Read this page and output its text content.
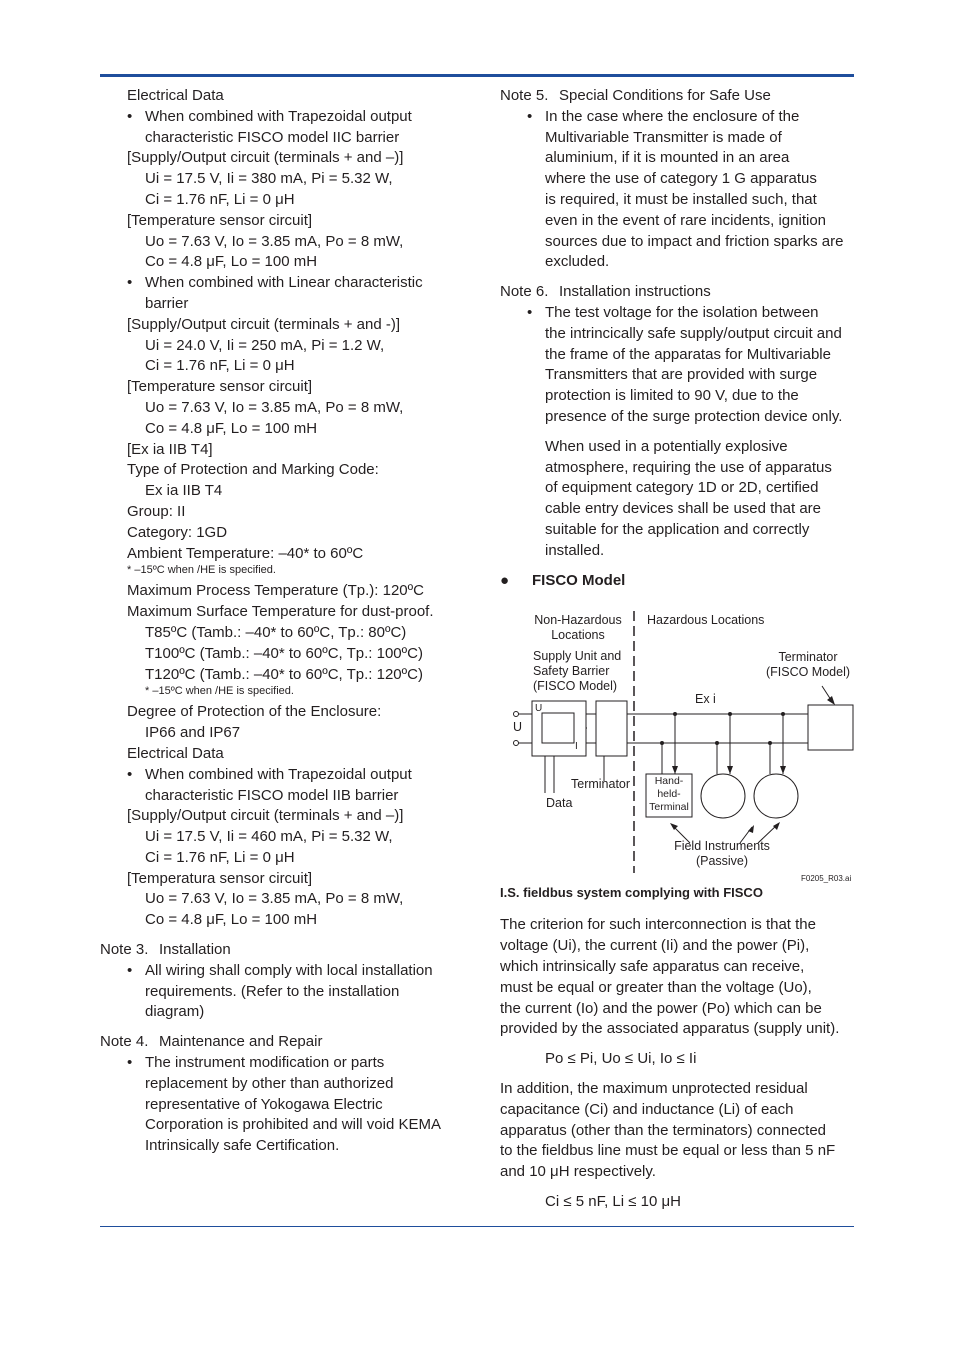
Electrical Data
• When combined with Trapezoidal output
characteristic FISCO model IIC barrier
[Supply/Output circuit (terminals + and –)]
Ui = 17.5 V, Ii = 380 mA, Pi = 5.32 W,
Ci = 1.76 nF, Li = 0 μH
[Temperature sensor circuit]
Uo = 7.63 V, Io = 3.85 mA, Po = 8 mW,
Co = 4.8 μF, Lo = 100 mH
• When combined with Linear characteristic
barrier
[Supply/Output circuit (terminals + and -)]
Ui = 24.0 V, Ii = 250 mA, Pi = 1.2 W,
Ci = 1.76 nF, Li = 0 μH
[Temperature sensor circuit]
Uo = 7.63 V, Io = 3.85 mA, Po = 8 mW,
Co = 4.8 μF, Lo = 100 mH
[Ex ia IIB T4]
Type of Protection and Marking Code:
Ex ia IIB T4
Group: II
Category: 1GD
Ambient Temperature: –40* to 60ºC
* –15ºC when /HE is specified.
Maximum Process Temperature (Tp.): 120ºC
Maximum Surface Temperature for dust-proof.
T85ºC (Tamb.: –40* to 60ºC, Tp.: 80ºC)
T100ºC (Tamb.: –40* to 60ºC, Tp.: 100ºC)
T120ºC (Tamb.: –40* to 60ºC, Tp.: 120ºC)
* –15ºC when /HE is specified.
Degree of Protection of the Enclosure:
IP66 and IP67
Electrical Data
• When combined with Trapezoidal output
characteristic FISCO model IIB barrier
[Supply/Output circuit (terminals + and –)]
Ui = 17.5 V, Ii = 460 mA, Pi = 5.32 W,
Ci = 1.76 nF, Li = 0 μH
[Temperatura sensor circuit]
Uo = 7.63 V, Io = 3.85 mA, Po = 8 mW,
Co = 4.8 μF, Lo = 100 mH
Note 3. Installation
• All wiring shall comply with local installation
requirements. (Refer to the installation
diagram)
Note 4. Maintenance and Repair
• The instrument modification or parts
replacement by other than authorized
representative of Yokogawa Electric
Corporation is prohibited and will void KEMA
Intrinsically safe Certification.
Note 5. Special Conditions for Safe Use
• In the case where the enclosure of the
Multivariable Transmitter is made of
aluminium, if it is mounted in an area
where the use of category 1 G apparatus
is required, it must be installed such, that
even in the event of rare incidents, ignition
sources due to impact and friction sparks are
excluded.
Note 6. Installation instructions
• The test voltage for the isolation between
the intrincically safe supply/output circuit and
the frame of the apparatas for Multivariable
Transmitters that are provided with surge
protection is limited to 90 V, due to the
presence of the surge protection device only.
When used in a potentially explosive
atmosphere, requiring the use of apparatus
of equipment category 1D or 2D, certified
cable entry devices shall be used that are
suitable for the application and correctly
installed.
● FISCO Model
Non-Hazardous
Locations
Hazardous Locations
Supply Unit and
Safety Barrier
(FISCO Model)
Terminator
(FISCO Model)
Ex i
U
U
I
Terminator
Data
Hand-
held-
Terminal
Field Instruments
(Passive)
F0205_R03.ai
I.S. fieldbus system complying with FISCO
The criterion for such interconnection is that the
voltage (Ui), the current (Ii) and the power (Pi),
which intrinsically safe apparatus can receive,
must be equal or greater than the voltage (Uo),
the current (Io) and the power (Po) which can be
provided by the associated apparatus (supply unit).
Po ≤ Pi, Uo ≤ Ui, Io ≤ Ii
In addition, the maximum unprotected residual
capacitance (Ci) and inductance (Li) of each
apparatus (other than the terminators) connected
to the fieldbus line must be equal or less than 5 nF
and 10 μH respectively.
Ci ≤ 5 nF, Li ≤ 10 μH
